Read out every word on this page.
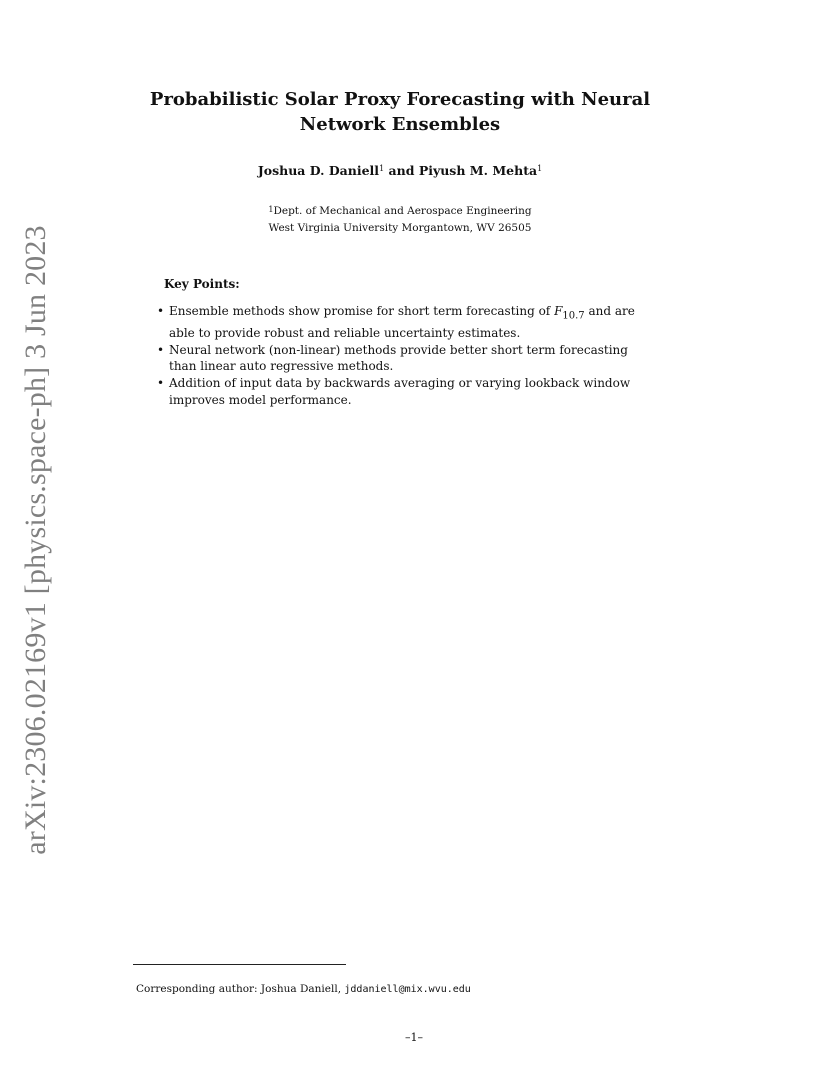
arXiv:2306.02169v1 [physics.space-ph] 3 Jun 2023
Probabilistic Solar Proxy Forecasting with Neural
Network Ensembles
Joshua D. Daniell$^1$ and Piyush M. Mehta$^1$
$^1$Dept. of Mechanical and Aerospace Engineering
West Virginia University Morgantown, WV 26505
Key Points:
• Ensemble methods show promise for short term forecasting of $F_{10.7}$ and are able to provide robust and reliable uncertainty estimates.
• Neural network (non-linear) methods provide better short term forecasting than linear auto regressive methods.
• Addition of input data by backwards averaging or varying lookback window improves model performance.
Corresponding author: Joshua Daniell, jddaniell@mix.wvu.edu
–1–
